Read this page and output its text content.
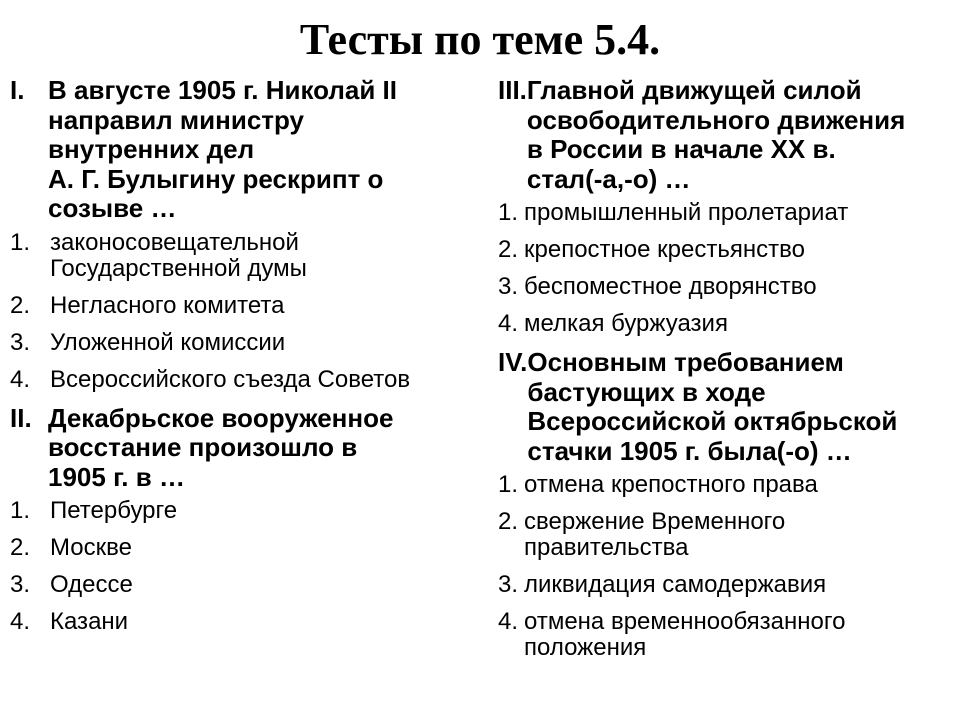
Тесты по теме 5.4.
I. В августе 1905 г. Николай II
направил министру
внутренних дел
А. Г. Булыгину рескрипт о
созыве …
1. законосовещательной Государственной думы
2. Негласного комитета
3. Уложенной комиссии
4. Всероссийского съезда Советов
II. Декабрьское вооруженное
восстание произошло в
1905 г. в …
1. Петербурге
2. Москве
3. Одессе
4. Казани
III. Главной движущей силой
освободительного движения
в России в начале ХХ в.
стал(-а,-о) …
1. промышленный пролетариат
2. крепостное крестьянство
3. беспоместное дворянство
4. мелкая буржуазия
IV. Основным требованием
бастующих в ходе
Всероссийской октябрьской
стачки 1905 г. была(-о) …
1. отмена крепостного права
2. свержение Временного правительства
3. ликвидация самодержавия
4. отмена временнообязанного положения
